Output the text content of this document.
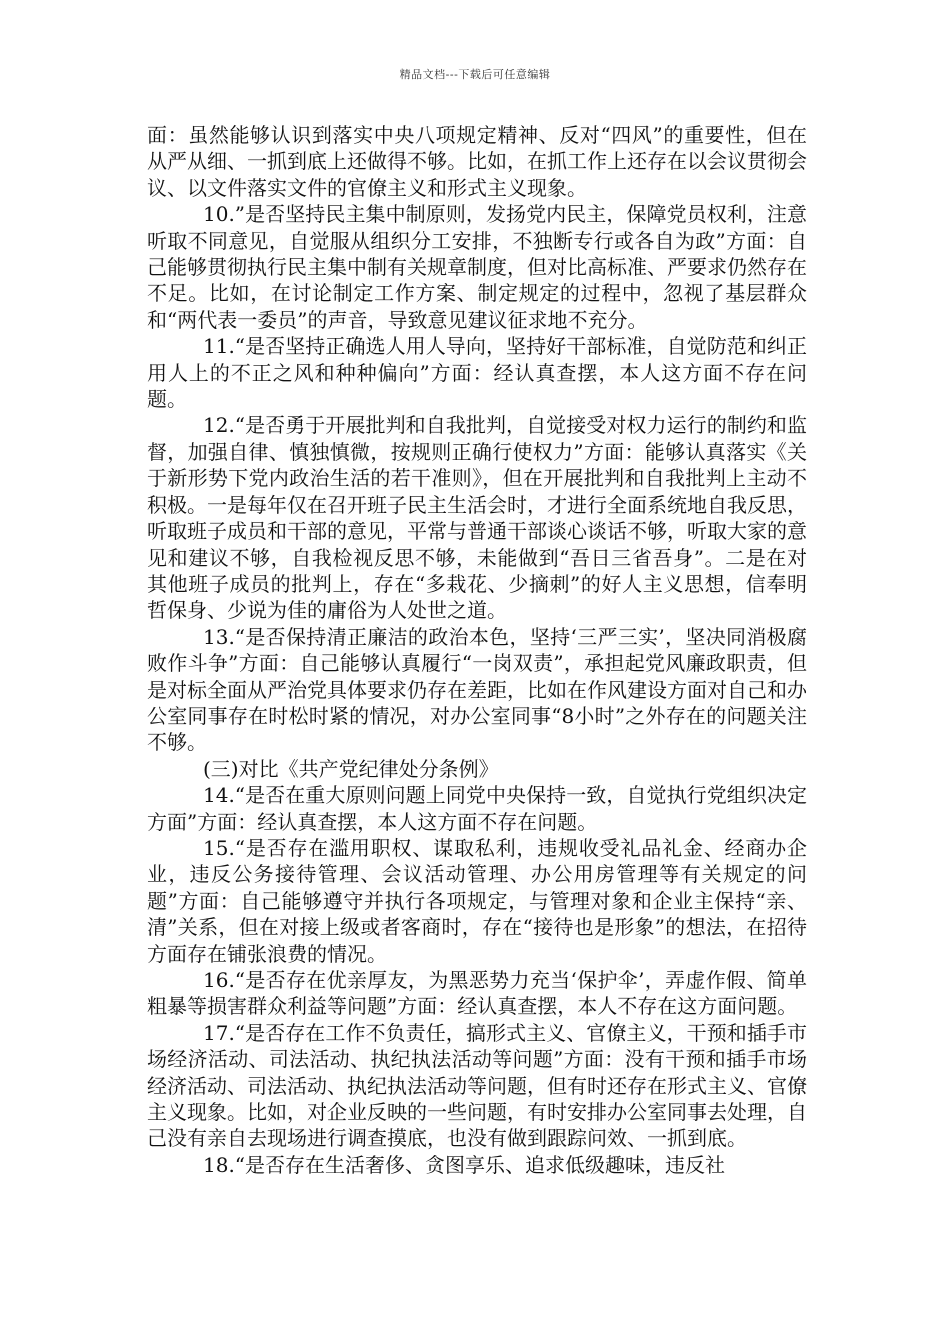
精品文档---下载后可任意编辑

面：虽然能够认识到落实中央八项规定精神、反对“四风”的重要性，但在从严从细、一抓到底上还做得不够。比如，在抓工作上还存在以会议贯彻会议、以文件落实文件的官僚主义和形式主义现象。

10.”是否坚持民主集中制原则，发扬党内民主，保障党员权利，注意听取不同意见，自觉服从组织分工安排，不独断专行或各自为政”方面：自己能够贯彻执行民主集中制有关规章制度，但对比高标准、严要求仍然存在不足。比如，在讨论制定工作方案、制定规定的过程中，忽视了基层群众和“两代表一委员”的声音，导致意见建议征求地不充分。

11.“是否坚持正确选人用人导向，坚持好干部标准，自觉防范和纠正用人上的不正之风和种种偏向”方面：经认真查摆，本人这方面不存在问题。

12.“是否勇于开展批判和自我批判，自觉接受对权力运行的制约和监督，加强自律、慎独慎微，按规则正确行使权力”方面：能够认真落实《关于新形势下党内政治生活的若干准则》，但在开展批判和自我批判上主动不积极。一是每年仅在召开班子民主生活会时，才进行全面系统地自我反思，听取班子成员和干部的意见，平常与普通干部谈心谈话不够，听取大家的意见和建议不够，自我检视反思不够，未能做到“吾日三省吾身”。二是在对其他班子成员的批判上，存在“多栽花、少摘刺”的好人主义思想，信奉明哲保身、少说为佳的庸俗为人处世之道。

13.“是否保持清正廉洁的政治本色，坚持‘三严三实’，坚决同消极腐败作斗争”方面：自己能够认真履行“一岗双责”，承担起党风廉政职责，但是对标全面从严治党具体要求仍存在差距，比如在作风建设方面对自己和办公室同事存在时松时紧的情况，对办公室同事“8小时”之外存在的问题关注不够。

(三)对比《共产党纪律处分条例》

14.“是否在重大原则问题上同党中央保持一致，自觉执行党组织决定方面”方面：经认真查摆，本人这方面不存在问题。

15.“是否存在滥用职权、谋取私利，违规收受礼品礼金、经商办企业，违反公务接待管理、会议活动管理、办公用房管理等有关规定的问题”方面：自己能够遵守并执行各项规定，与管理对象和企业主保持“亲、清”关系，但在对接上级或者客商时，存在“接待也是形象”的想法，在招待方面存在铺张浪费的情况。

16.“是否存在优亲厚友，为黑恶势力充当‘保护伞’，弄虚作假、简单粗暴等损害群众利益等问题”方面：经认真查摆，本人不存在这方面问题。

17.“是否存在工作不负责任，搞形式主义、官僚主义，干预和插手市场经济活动、司法活动、执纪执法活动等问题”方面：没有干预和插手市场经济活动、司法活动、执纪执法活动等问题，但有时还存在形式主义、官僚主义现象。比如，对企业反映的一些问题，有时安排办公室同事去处理，自己没有亲自去现场进行调查摸底，也没有做到跟踪问效、一抓到底。

18.“是否存在生活奢侈、贪图享乐、追求低级趣味，违反社
